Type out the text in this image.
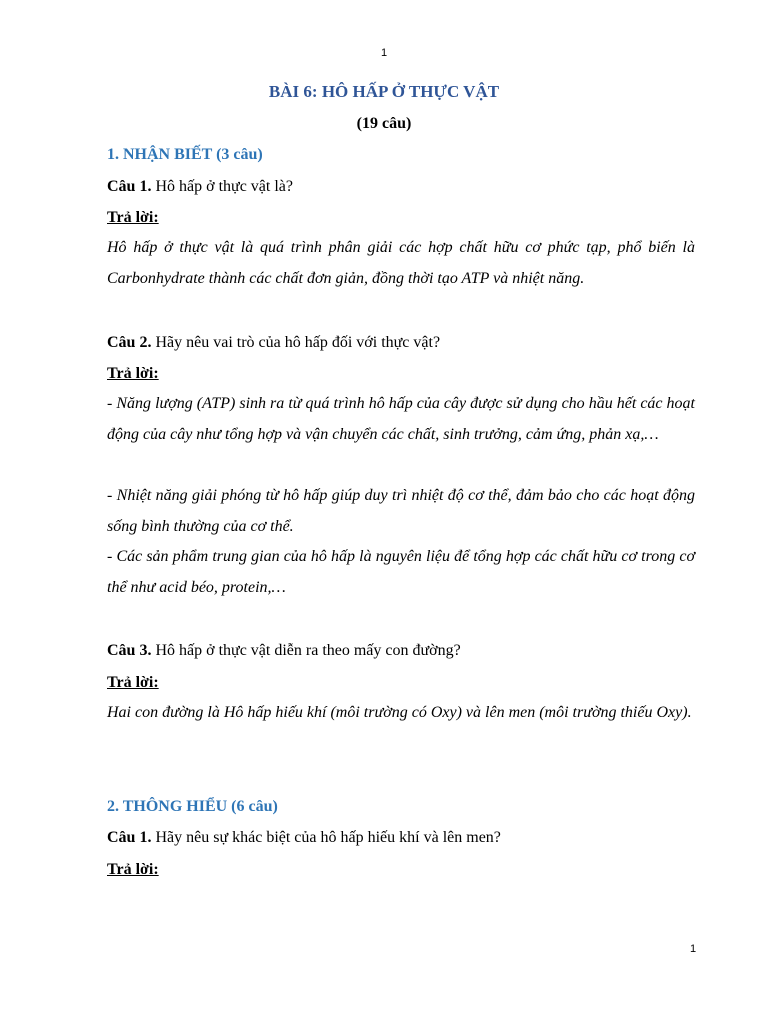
1
BÀI 6: HÔ HẤP Ở THỰC VẬT
(19 câu)
1. NHẬN BIẾT (3 câu)
Câu 1. Hô hấp ở thực vật là?
Trả lời:
Hô hấp ở thực vật là quá trình phân giải các hợp chất hữu cơ phức tạp, phổ biến là Carbonhydrate thành các chất đơn giản, đồng thời tạo ATP và nhiệt năng.
Câu 2. Hãy nêu vai trò của hô hấp đối với thực vật?
Trả lời:
- Năng lượng (ATP) sinh ra từ quá trình hô hấp của cây được sử dụng cho hầu hết các hoạt động của cây như tổng hợp và vận chuyển các chất, sinh trưởng, cảm ứng, phản xạ,…
- Nhiệt năng giải phóng từ hô hấp giúp duy trì nhiệt độ cơ thể, đảm bảo cho các hoạt động sống bình thường của cơ thể.
- Các sản phẩm trung gian của hô hấp là nguyên liệu để tổng hợp các chất hữu cơ trong cơ thể như acid béo, protein,…
Câu 3. Hô hấp ở thực vật diễn ra theo mấy con đường?
Trả lời:
Hai con đường là Hô hấp hiếu khí (môi trường có Oxy) và lên men (môi trường thiếu Oxy).
2. THÔNG HIỂU (6 câu)
Câu 1. Hãy nêu sự khác biệt của hô hấp hiếu khí và lên men?
Trả lời:
1
